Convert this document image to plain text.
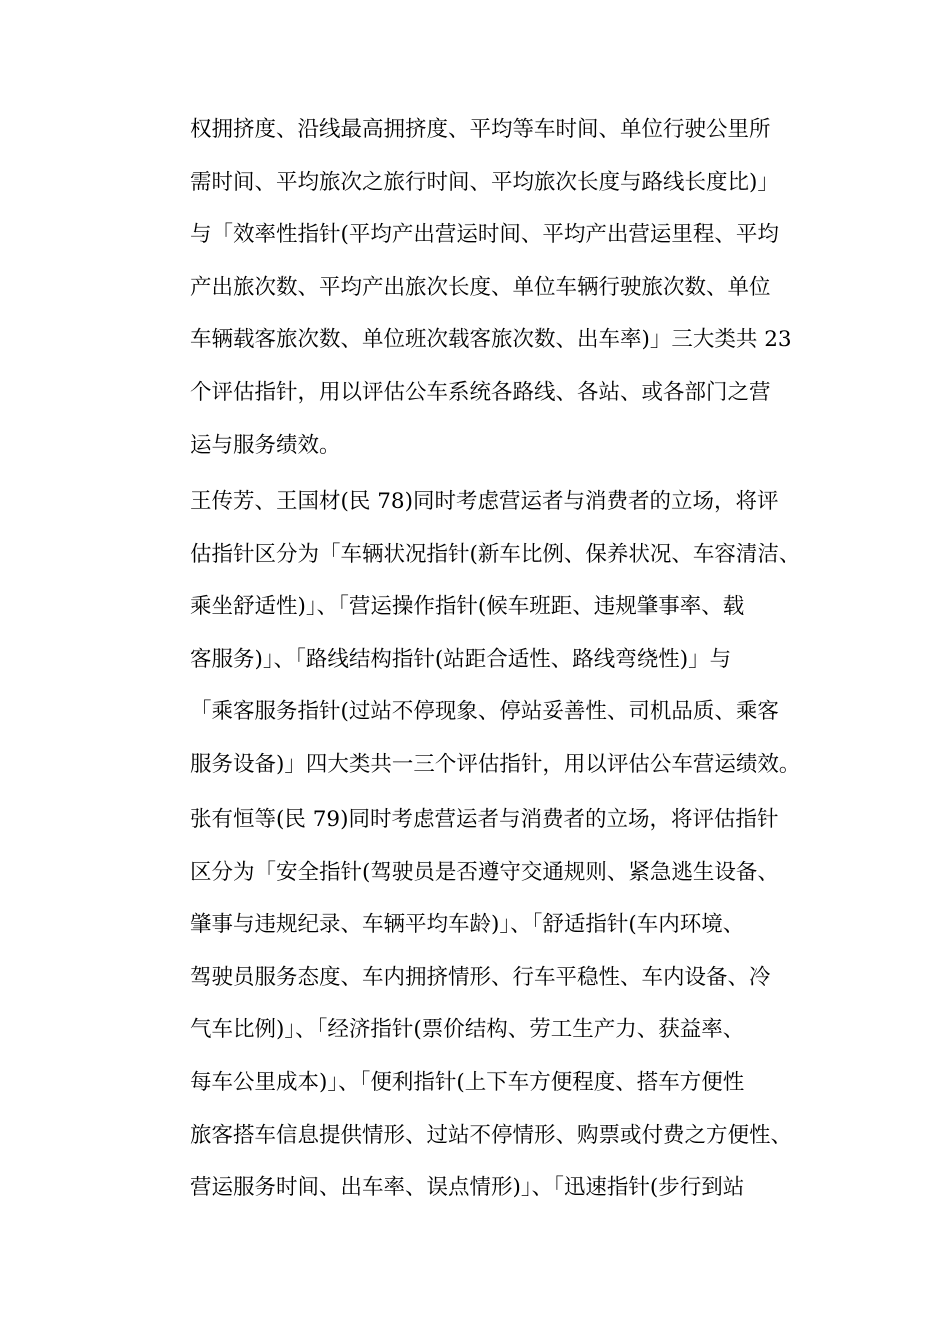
权拥挤度、沿线最高拥挤度、平均等车时间、单位行驶公里所
需时间、平均旅次之旅行时间、平均旅次长度与路线长度比)」
与「效率性指针(平均产出营运时间、平均产出营运里程、平均
产出旅次数、平均产出旅次长度、单位车辆行驶旅次数、单位
车辆载客旅次数、单位班次载客旅次数、出车率)」三大类共 23
个评估指针，用以评估公车系统各路线、各站、或各部门之营
运与服务绩效。
王传芳、王国材(民 78)同时考虑营运者与消费者的立场，将评
估指针区分为「车辆状况指针(新车比例、保养状况、车容清洁、
乘坐舒适性)」、「营运操作指针(候车班距、违规肇事率、载
客服务)」、「路线结构指针(站距合适性、路线弯绕性)」与
「乘客服务指针(过站不停现象、停站妥善性、司机品质、乘客
服务设备)」四大类共一三个评估指针，用以评估公车营运绩效。
张有恒等(民 79)同时考虑营运者与消费者的立场，将评估指针
区分为「安全指针(驾驶员是否遵守交通规则、紧急逃生设备、
肇事与违规纪录、车辆平均车龄)」、「舒适指针(车内环境、
驾驶员服务态度、车内拥挤情形、行车平稳性、车内设备、冷
气车比例)」、「经济指针(票价结构、劳工生产力、获益率、
每车公里成本)」、「便利指针(上下车方便程度、搭车方便性
旅客搭车信息提供情形、过站不停情形、购票或付费之方便性、
营运服务时间、出车率、误点情形)」、「迅速指针(步行到站
